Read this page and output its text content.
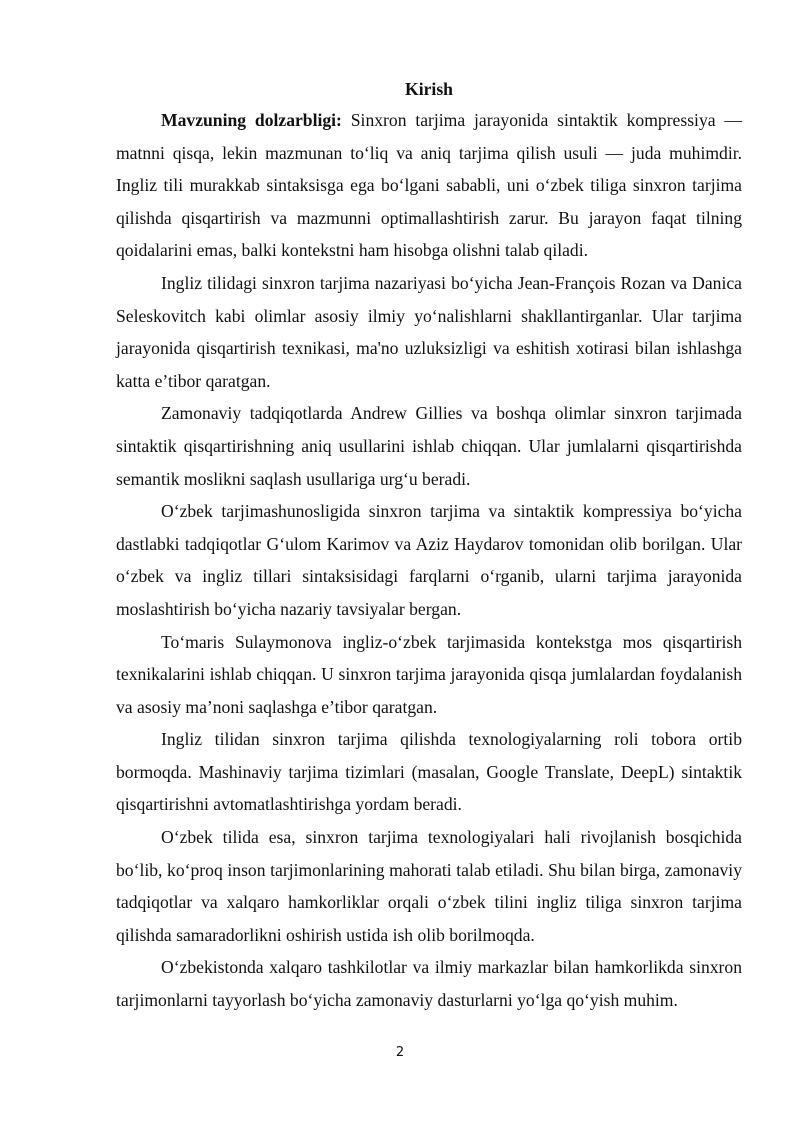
Kirish

Mavzuning dolzarbligi: Sinxron tarjima jarayonida sintaktik kompressiya — matnni qisqa, lekin mazmunan to‘liq va aniq tarjima qilish usuli — juda muhimdir. Ingliz tili murakkab sintaksisga ega bo‘lgani sababli, uni o‘zbek tiliga sinxron tarjima qilishda qisqartirish va mazmunni optimallashtirish zarur. Bu jarayon faqat tilning qoidalarini emas, balki kontekstni ham hisobga olishni talab qiladi.

Ingliz tilidagi sinxron tarjima nazariyasi bo‘yicha Jean-François Rozan va Danica Seleskovitch kabi olimlar asosiy ilmiy yo‘nalishlarni shakllantirganlar. Ular tarjima jarayonida qisqartirish texnikasi, ma'no uzluksizligi va eshitish xotirasi bilan ishlashga katta e’tibor qaratgan.

Zamonaviy tadqiqotlarda Andrew Gillies va boshqa olimlar sinxron tarjimada sintaktik qisqartirishning aniq usullarini ishlab chiqqan. Ular jumlalarni qisqartirishda semantik moslikni saqlash usullariga urg‘u beradi.

O‘zbek tarjimashunosligida sinxron tarjima va sintaktik kompressiya bo‘yicha dastlabki tadqiqotlar G‘ulom Karimov va Aziz Haydarov tomonidan olib borilgan. Ular o‘zbek va ingliz tillari sintaksisidagi farqlarni o‘rganib, ularni tarjima jarayonida moslashtirish bo‘yicha nazariy tavsiyalar bergan.

To‘maris Sulaymonova ingliz-o‘zbek tarjimasida kontekstga mos qisqartirish texnikalarini ishlab chiqqan. U sinxron tarjima jarayonida qisqa jumlalardan foydalanish va asosiy ma’noni saqlashga e’tibor qaratgan.

Ingliz tilidan sinxron tarjima qilishda texnologiyalarning roli tobora ortib bormoqda. Mashinaviy tarjima tizimlari (masalan, Google Translate, DeepL) sintaktik qisqartirishni avtomatlashtirishga yordam beradi.

O‘zbek tilida esa, sinxron tarjima texnologiyalari hali rivojlanish bosqichida bo‘lib, ko‘proq inson tarjimonlarining mahorati talab etiladi. Shu bilan birga, zamonaviy tadqiqotlar va xalqaro hamkorliklar orqali o‘zbek tilini ingliz tiliga sinxron tarjima qilishda samaradorlikni oshirish ustida ish olib borilmoqda.

O‘zbekistonda xalqaro tashkilotlar va ilmiy markazlar bilan hamkorlikda sinxron tarjimonlarni tayyorlash bo‘yicha zamonaviy dasturlarni yo‘lga qo‘yish muhim.

2
